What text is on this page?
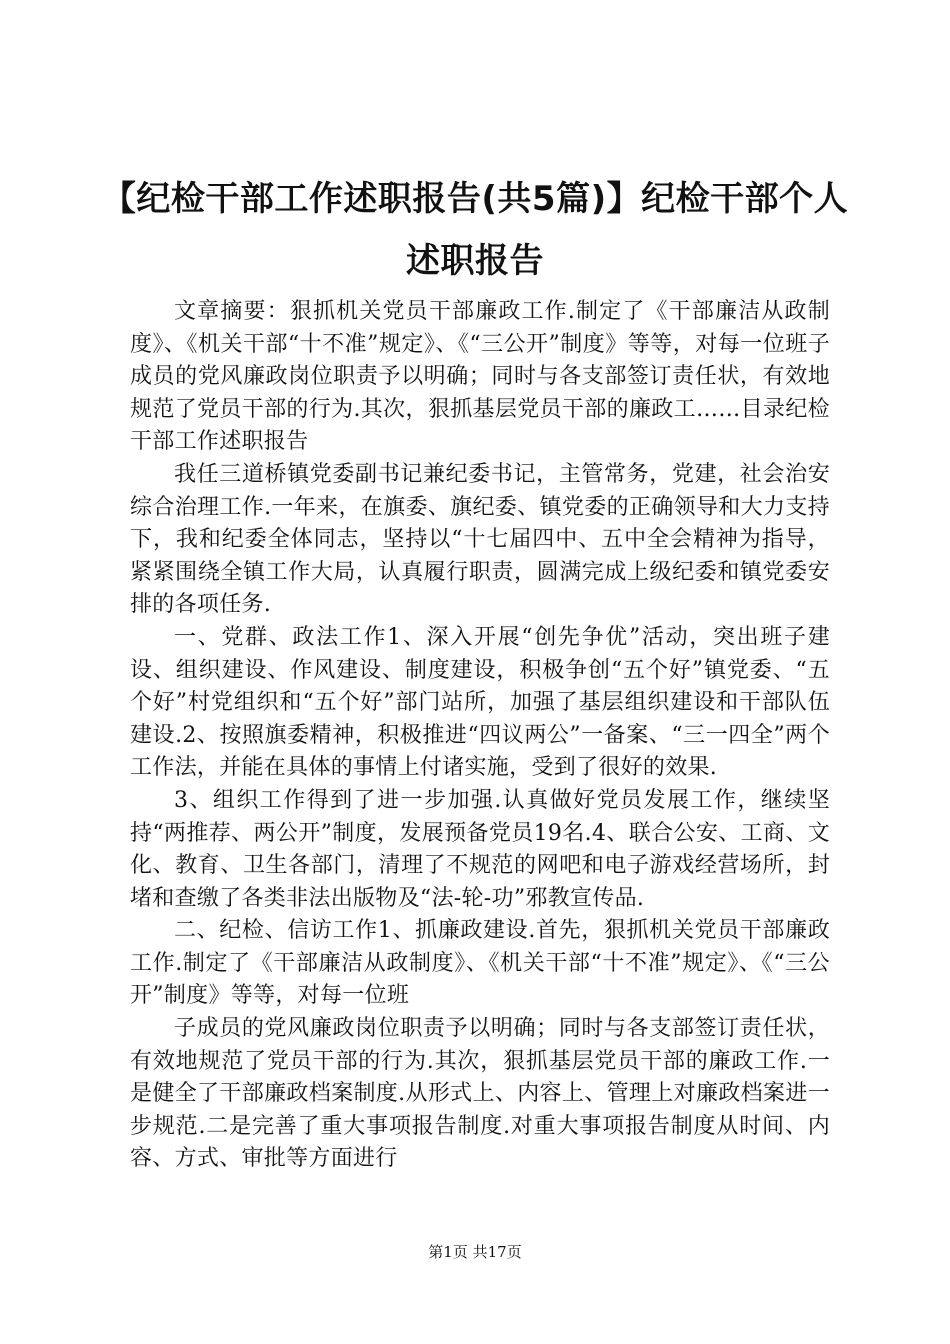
【纪检干部工作述职报告(共5篇)】纪检干部个人述职报告

文章摘要：狠抓机关党员干部廉政工作.制定了《干部廉洁从政制度》、《机关干部“十不准”规定》、《“三公开”制度》等等，对每一位班子成员的党风廉政岗位职责予以明确；同时与各支部签订责任状，有效地规范了党员干部的行为.其次，狠抓基层党员干部的廉政工……目录纪检干部工作述职报告

我任三道桥镇党委副书记兼纪委书记，主管常务，党建，社会治安综合治理工作.一年来，在旗委、旗纪委、镇党委的正确领导和大力支持下，我和纪委全体同志，坚持以“十七届四中、五中全会精神为指导，紧紧围绕全镇工作大局，认真履行职责，圆满完成上级纪委和镇党委安排的各项任务.

一、党群、政法工作1、深入开展“创先争优”活动，突出班子建设、组织建设、作风建设、制度建设，积极争创“五个好”镇党委、“五个好”村党组织和“五个好”部门站所，加强了基层组织建设和干部队伍建设.2、按照旗委精神，积极推进“四议两公”一备案、“三一四全”两个工作法，并能在具体的事情上付诸实施，受到了很好的效果.

3、组织工作得到了进一步加强.认真做好党员发展工作，继续坚持“两推荐、两公开”制度，发展预备党员19名.4、联合公安、工商、文化、教育、卫生各部门，清理了不规范的网吧和电子游戏经营场所，封堵和查缴了各类非法出版物及“法-轮-功”邪教宣传品.

二、纪检、信访工作1、抓廉政建设.首先，狠抓机关党员干部廉政工作.制定了《干部廉洁从政制度》、《机关干部“十不准”规定》、《“三公开”制度》等等，对每一位班

子成员的党风廉政岗位职责予以明确；同时与各支部签订责任状，有效地规范了党员干部的行为.其次，狠抓基层党员干部的廉政工作.一是健全了干部廉政档案制度.从形式上、内容上、管理上对廉政档案进一步规范.二是完善了重大事项报告制度.对重大事项报告制度从时间、内容、方式、审批等方面进行

第1页 共17页
